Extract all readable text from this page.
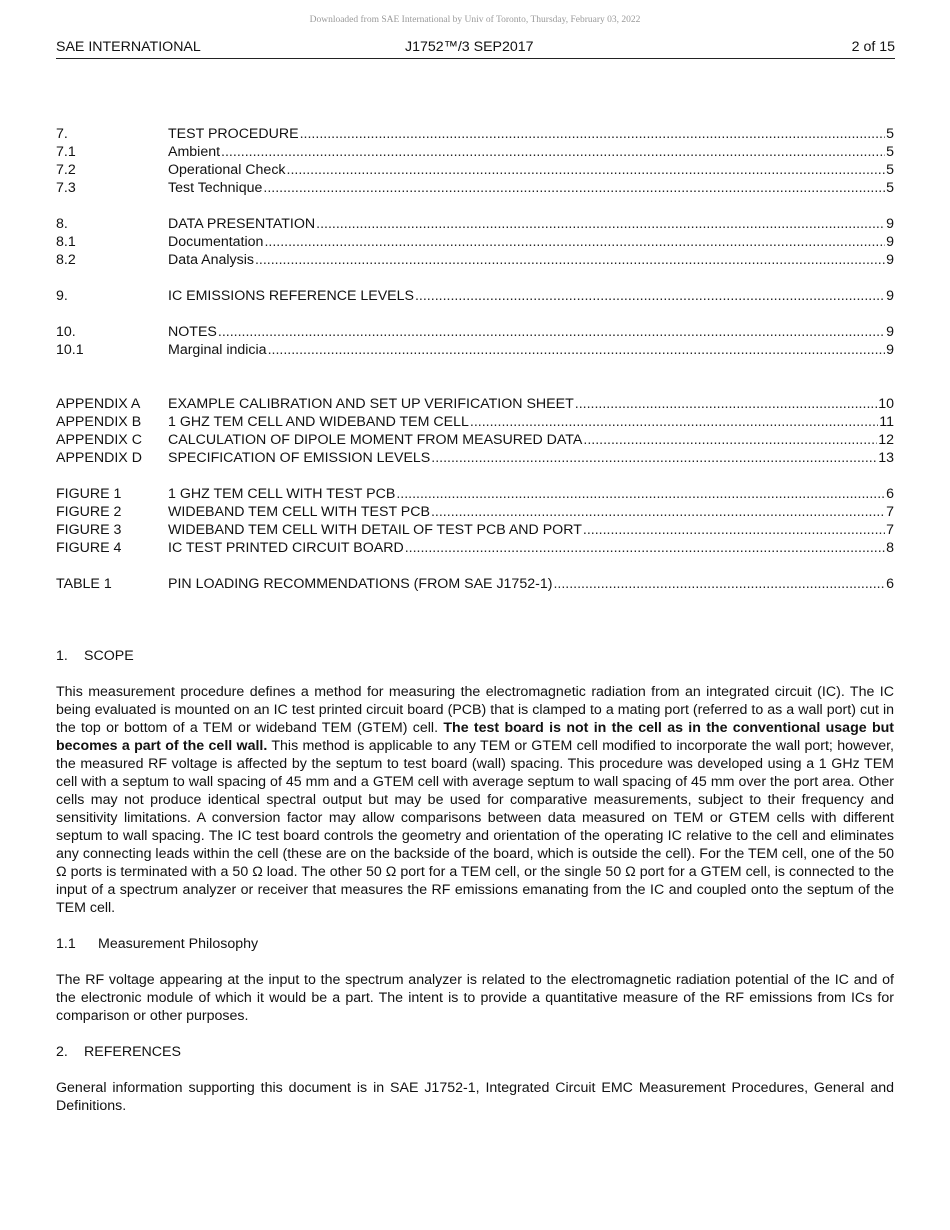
Downloaded from SAE International by Univ of Toronto, Thursday, February 03, 2022
SAE INTERNATIONAL	J1752™/3 SEP2017	2 of 15
7.	TEST PROCEDURE .....	5
7.1	Ambient .....	5
7.2	Operational Check .....	5
7.3	Test Technique .....	5
8.	DATA PRESENTATION .....	9
8.1	Documentation .....	9
8.2	Data Analysis .....	9
9.	IC EMISSIONS REFERENCE LEVELS .....	9
10.	NOTES .....	9
10.1	Marginal indicia .....	9
APPENDIX A	EXAMPLE CALIBRATION AND SET UP VERIFICATION SHEET .....	10
APPENDIX B	1 GHZ TEM CELL AND WIDEBAND TEM CELL .....	11
APPENDIX C	CALCULATION OF DIPOLE MOMENT FROM MEASURED DATA .....	12
APPENDIX D	SPECIFICATION OF EMISSION LEVELS .....	13
FIGURE 1	1 GHZ TEM CELL WITH TEST PCB .....	6
FIGURE 2	WIDEBAND TEM CELL WITH TEST PCB .....	7
FIGURE 3	WIDEBAND TEM CELL WITH DETAIL OF TEST PCB AND PORT .....	7
FIGURE 4	IC TEST PRINTED CIRCUIT BOARD .....	8
TABLE 1	PIN LOADING RECOMMENDATIONS (FROM SAE J1752-1) .....	6
1. SCOPE

This measurement procedure defines a method for measuring the electromagnetic radiation from an integrated circuit (IC). The IC being evaluated is mounted on an IC test printed circuit board (PCB) that is clamped to a mating port (referred to as a wall port) cut in the top or bottom of a TEM or wideband TEM (GTEM) cell. The test board is not in the cell as in the conventional usage but becomes a part of the cell wall. This method is applicable to any TEM or GTEM cell modified to incorporate the wall port; however, the measured RF voltage is affected by the septum to test board (wall) spacing. This procedure was developed using a 1 GHz TEM cell with a septum to wall spacing of 45 mm and a GTEM cell with average septum to wall spacing of 45 mm over the port area. Other cells may not produce identical spectral output but may be used for comparative measurements, subject to their frequency and sensitivity limitations. A conversion factor may allow comparisons between data measured on TEM or GTEM cells with different septum to wall spacing. The IC test board controls the geometry and orientation of the operating IC relative to the cell and eliminates any connecting leads within the cell (these are on the backside of the board, which is outside the cell). For the TEM cell, one of the 50 Ω ports is terminated with a 50 Ω load. The other 50 Ω port for a TEM cell, or the single 50 Ω port for a GTEM cell, is connected to the input of a spectrum analyzer or receiver that measures the RF emissions emanating from the IC and coupled onto the septum of the TEM cell.

1.1 Measurement Philosophy

The RF voltage appearing at the input to the spectrum analyzer is related to the electromagnetic radiation potential of the IC and of the electronic module of which it would be a part. The intent is to provide a quantitative measure of the RF emissions from ICs for comparison or other purposes.

2. REFERENCES

General information supporting this document is in SAE J1752-1, Integrated Circuit EMC Measurement Procedures, General and Definitions.
